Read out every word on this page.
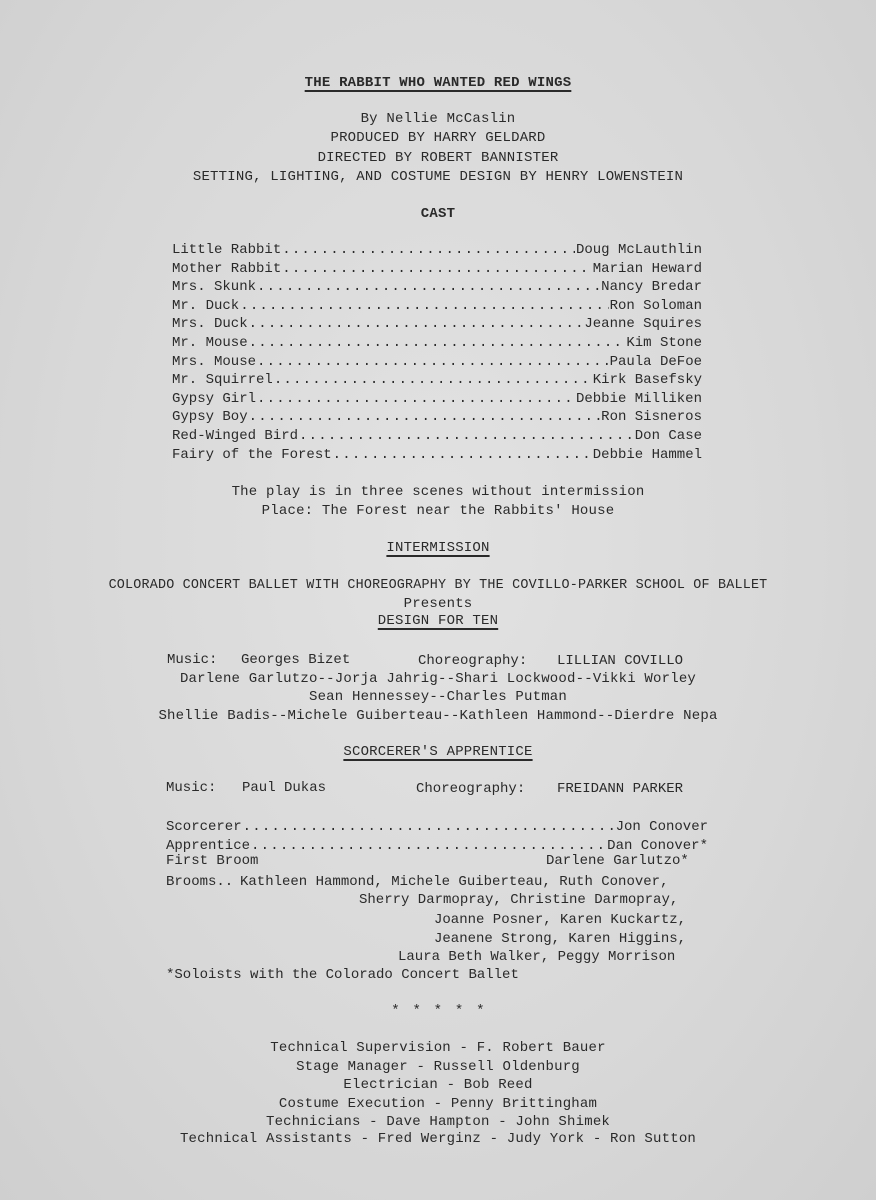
THE RABBIT WHO WANTED RED WINGS
By Nellie McCaslin
PRODUCED BY HARRY GELDARD
DIRECTED BY ROBERT BANNISTER
SETTING, LIGHTING, AND COSTUME DESIGN BY HENRY LOWENSTEIN
CAST
Little Rabbit .....	Doug McLauthlin
Mother Rabbit .....	Marian Heward
Mrs. Skunk .....	Nancy Bredar
Mr. Duck .....	Ron Soloman
Mrs. Duck .....	Jeanne Squires
Mr. Mouse .....	Kim Stone
Mrs. Mouse .....	Paula DeFoe
Mr. Squirrel .....	Kirk Basefsky
Gypsy Girl .....	Debbie Milliken
Gypsy Boy .....	Ron Sisneros
Red-Winged Bird .....	Don Case
Fairy of the Forest .....	Debbie Hammel
The play is in three scenes without intermission
Place: The Forest near the Rabbits' House
INTERMISSION
COLORADO CONCERT BALLET WITH CHOREOGRAPHY BY THE COVILLO-PARKER SCHOOL OF BALLET
Presents
DESIGN FOR TEN
Music: Georges Bizet	Choreography: LILLIAN COVILLO
Darlene Garlutzo--Jorja Jahrig--Shari Lockwood--Vikki Worley
Sean Hennessey--Charles Putman
Shellie Badis--Michele Guiberteau--Kathleen Hammond--Dierdre Nepa
SCORCERER'S APPRENTICE
Music: Paul Dukas	Choreography: FREIDANN PARKER
Scorcerer .....	Jon Conover
Apprentice .....	Dan Conover*
First Broom	Darlene Garlutzo*
Brooms.. Kathleen Hammond, Michele Guiberteau, Ruth Conover,
Sherry Darmopray, Christine Darmopray,
Joanne Posner, Karen Kuckartz,
Jeanene Strong, Karen Higgins,
Laura Beth Walker, Peggy Morrison
*Soloists with the Colorado Concert Ballet
* * * * *
Technical Supervision - F. Robert Bauer
Stage Manager - Russell Oldenburg
Electrician - Bob Reed
Costume Execution - Penny Brittingham
Technicians - Dave Hampton - John Shimek
Technical Assistants - Fred Werginz - Judy York - Ron Sutton
